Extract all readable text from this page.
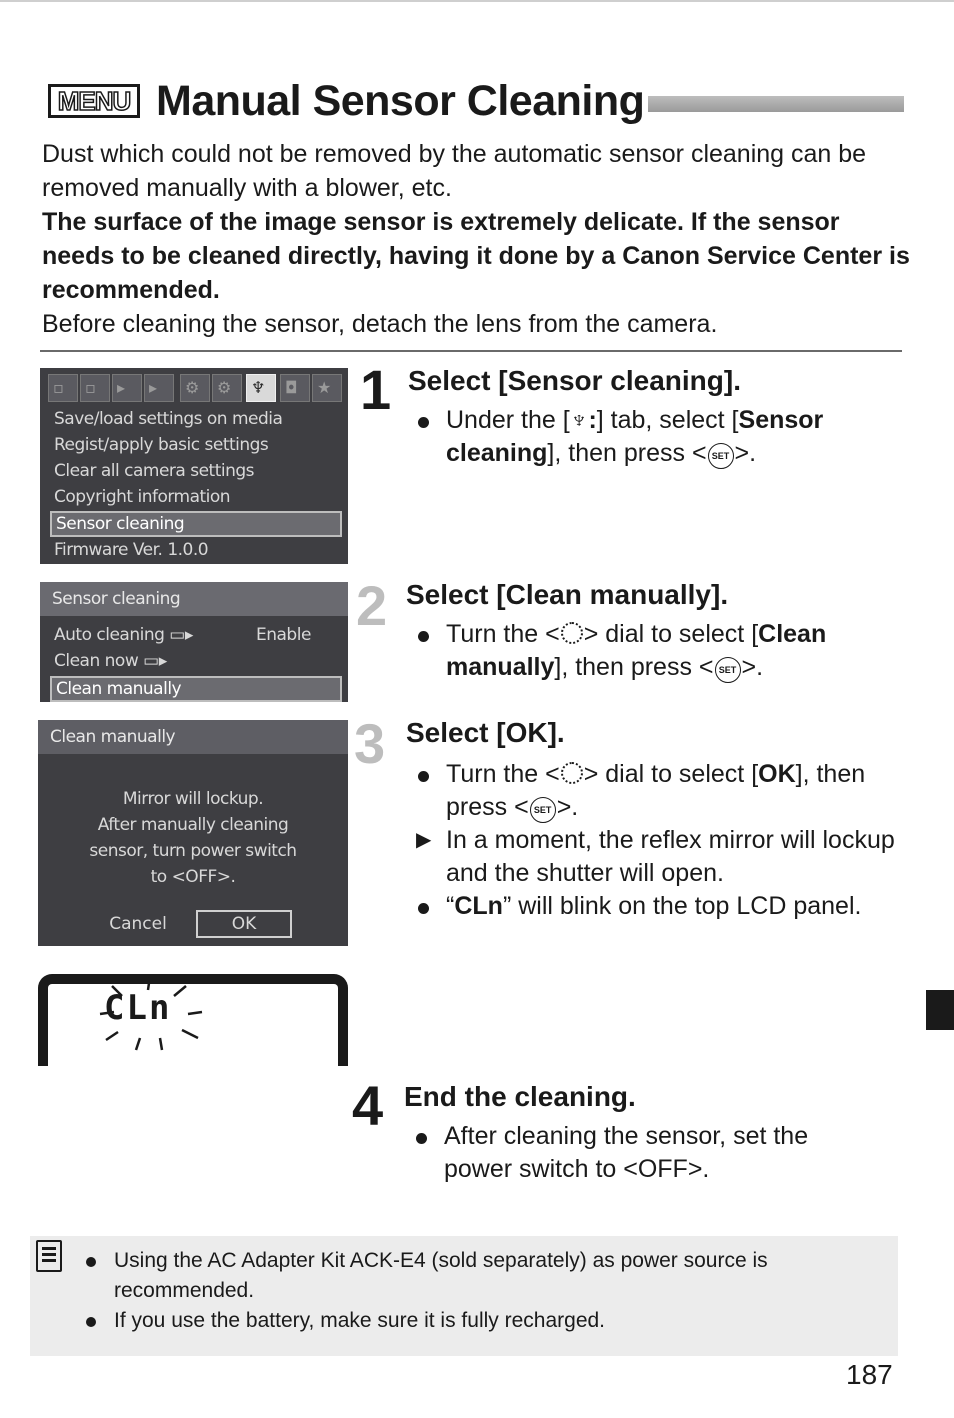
MENU Manual Sensor Cleaning

Dust which could not be removed by the automatic sensor cleaning can be removed manually with a blower, etc.

The surface of the image sensor is extremely delicate. If the sensor needs to be cleaned directly, having it done by a Canon Service Center is recommended.

Before cleaning the sensor, detach the lens from the camera.

▫ ▫ ▸ ▸ ⚙ ⚙ ♆ ◘ ★
Save/load settings on media
Regist/apply basic settings
Clear all camera settings
Copyright information
Sensor cleaning
Firmware Ver. 1.0.0
Sensor cleaning
Auto cleaning ▭▸	Enable
Clean now ▭▸
Clean manually
Clean manually
Mirror will lockup.
After manually cleaning
sensor, turn power switch
to <OFF>.
Cancel	OK
CLn
1 Select [Sensor cleaning].
Under the [♆:] tab, select [Sensor cleaning], then press < SET >.
2 Select [Clean manually].
Turn the < > dial to select [Clean manually], then press < SET >.
3 Select [OK].
Turn the < > dial to select [OK], then press < SET >.
▶ In a moment, the reflex mirror will lockup and the shutter will open.
“CLn” will blink on the top LCD panel.
4 End the cleaning.
After cleaning the sensor, set the power switch to <OFF>.
Using the AC Adapter Kit ACK-E4 (sold separately) as power source is recommended.
If you use the battery, make sure it is fully recharged.
187
